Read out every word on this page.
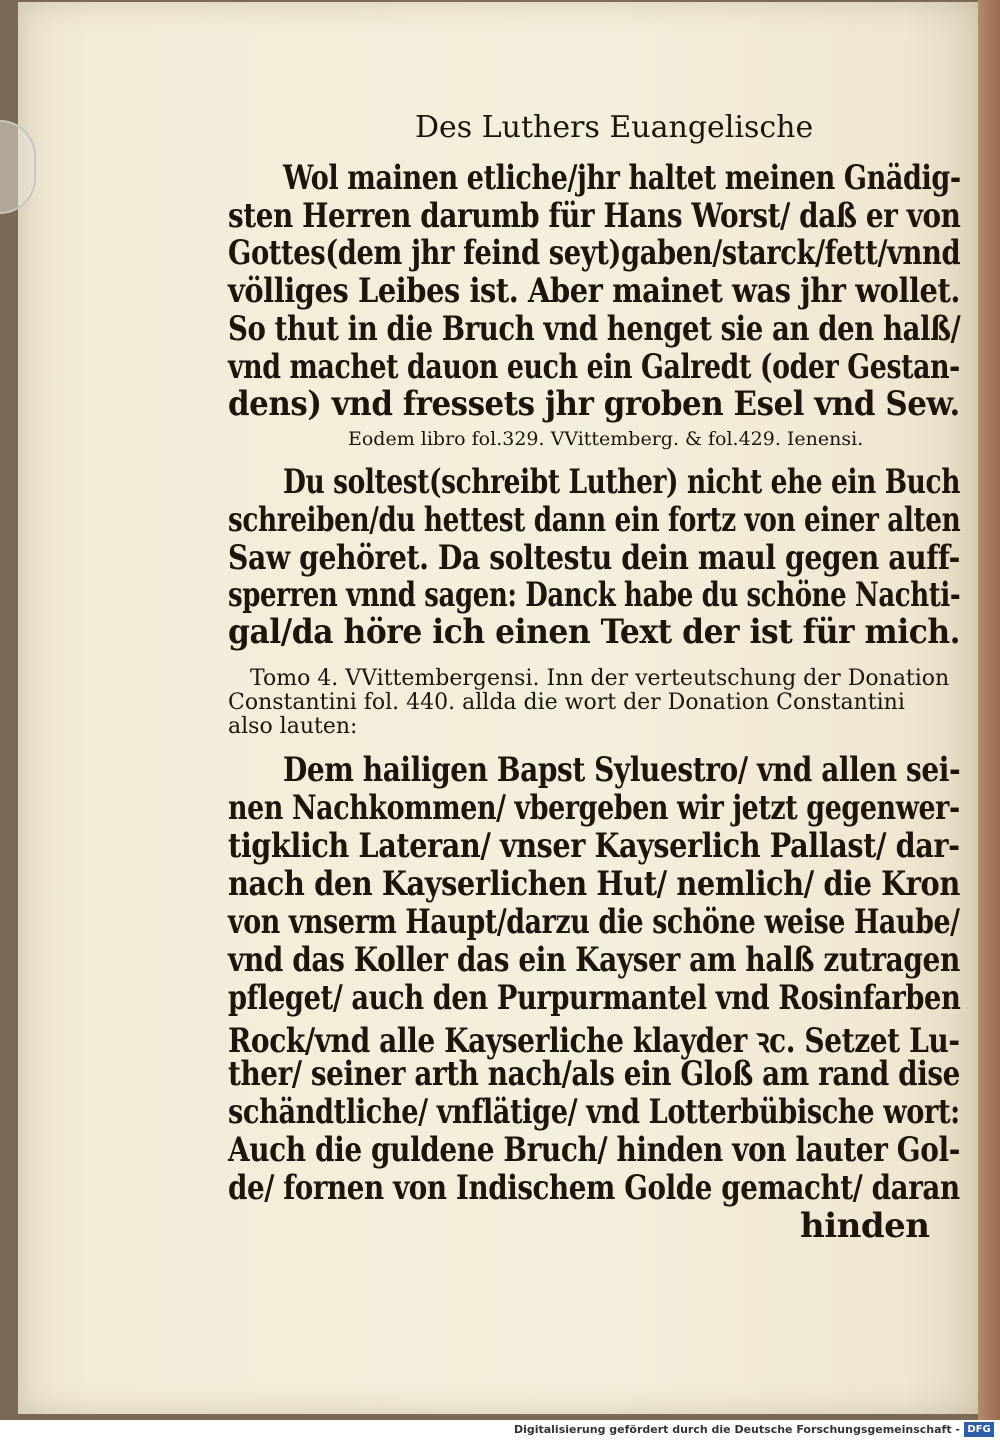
Des Luthers Euangelische

Wol mainen etliche/jhr haltet meinen Gnädig-

sten Herren darumb für Hans Worst/ daß er von

Gottes(dem jhr feind seyt)gaben/starck/fett/vnnd

völliges Leibes ist. Aber mainet was jhr wollet.

So thut in die Bruch vnd henget sie an den halß/

vnd machet dauon euch ein Galredt (oder Gestan-

dens) vnd fressets jhr groben Esel vnd Sew.

Eodem libro fol.329. VVittemberg. & fol.429. Ienensi.

Du soltest(schreibt Luther) nicht ehe ein Buch

schreiben/du hettest dann ein fortz von einer alten

Saw gehöret. Da soltestu dein maul gegen auff-

sperren vnnd sagen: Danck habe du schöne Nachti-

gal/da höre ich einen Text der ist für mich.

Tomo 4. VVittembergensi. Inn der verteutschung der Donation

Constantini fol. 440. allda die wort der Donation Constantini

also lauten:

Dem hailigen Bapst Syluestro/ vnd allen sei-

nen Nachkommen/ vbergeben wir jetzt gegenwer-

tigklich Lateran/ vnser Kayserlich Pallast/ dar-

nach den Kayserlichen Hut/ nemlich/ die Kron

von vnserm Haupt/darzu die schöne weise Haube/

vnd das Koller das ein Kayser am halß zutragen

pfleget/ auch den Purpurmantel vnd Rosinfarben

Rock/vnd alle Kayserliche klayder ꝛc. Setzet Lu-

ther/ seiner arth nach/als ein Gloß am rand dise

schändtliche/ vnflätige/ vnd Lotterbübische wort:

Auch die guldene Bruch/ hinden von lauter Gol-

de/ fornen von Indischem Golde gemacht/ daran

hinden

Digitalisierung gefördert durch die Deutsche Forschungsgemeinschaft - DFG
